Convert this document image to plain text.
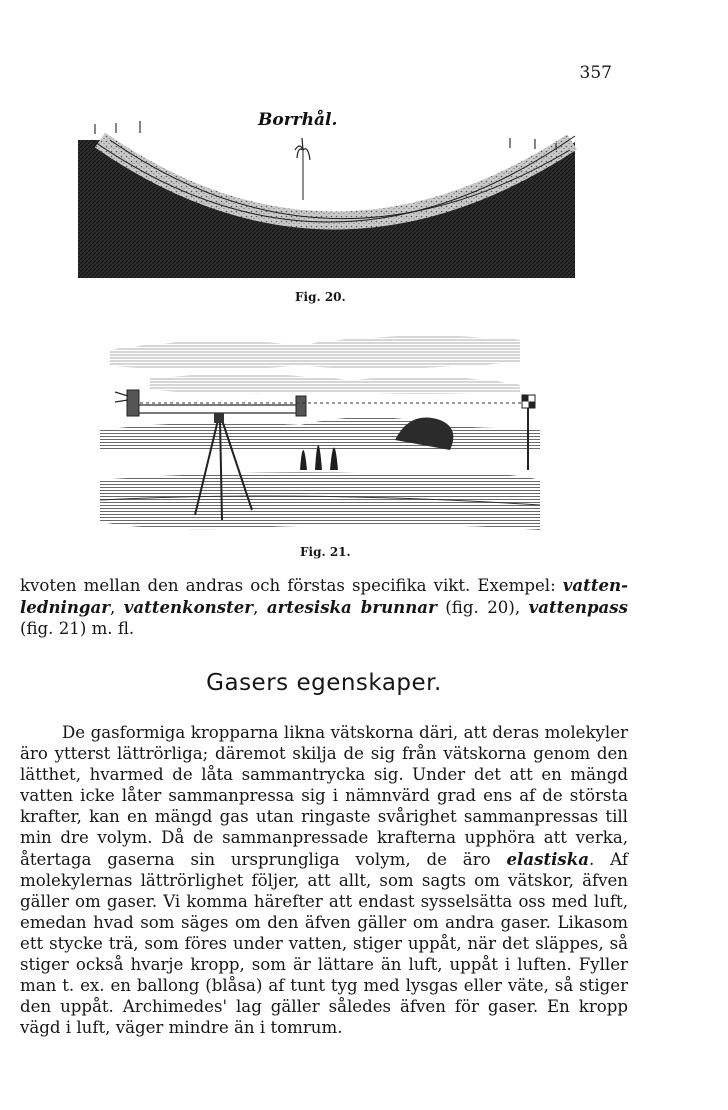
357
Borrhål.
Fig. 20.
Fig. 21.
kvoten mellan den andras och förstas specifika vikt. Exempel: vatten-ledningar, vattenkonster, artesiska brunnar (fig. 20), vattenpass (fig. 21) m. fl.
Gasers egenskaper.
De gasformiga kropparna likna vätskorna däri, att deras molekyler äro ytterst lättrörliga; däremot skilja de sig från vätskorna genom den lätthet, hvarmed de låta sammantrycka sig. Under det att en mängd vatten icke låter sammanpressa sig i nämnvärd grad ens af de största krafter, kan en mängd gas utan ringaste svårighet sammanpressas till min dre volym. Då de sammanpressade krafterna upphöra att verka, återtaga gaserna sin ursprungliga volym, de äro elastiska. Af molekylernas lättrörlighet följer, att allt, som sagts om vätskor, äfven gäller om gaser. Vi komma härefter att endast sysselsätta oss med luft, emedan hvad som säges om den äfven gäller om andra gaser. Likasom ett stycke trä, som föres under vatten, stiger uppåt, när det släppes, så stiger också hvarje kropp, som är lättare än luft, uppåt i luften. Fyller man t. ex. en ballong (blåsa) af tunt tyg med lysgas eller väte, så stiger den uppåt. Archimedes' lag gäller således äfven för gaser. En kropp vägd i luft, väger mindre än i tomrum.
